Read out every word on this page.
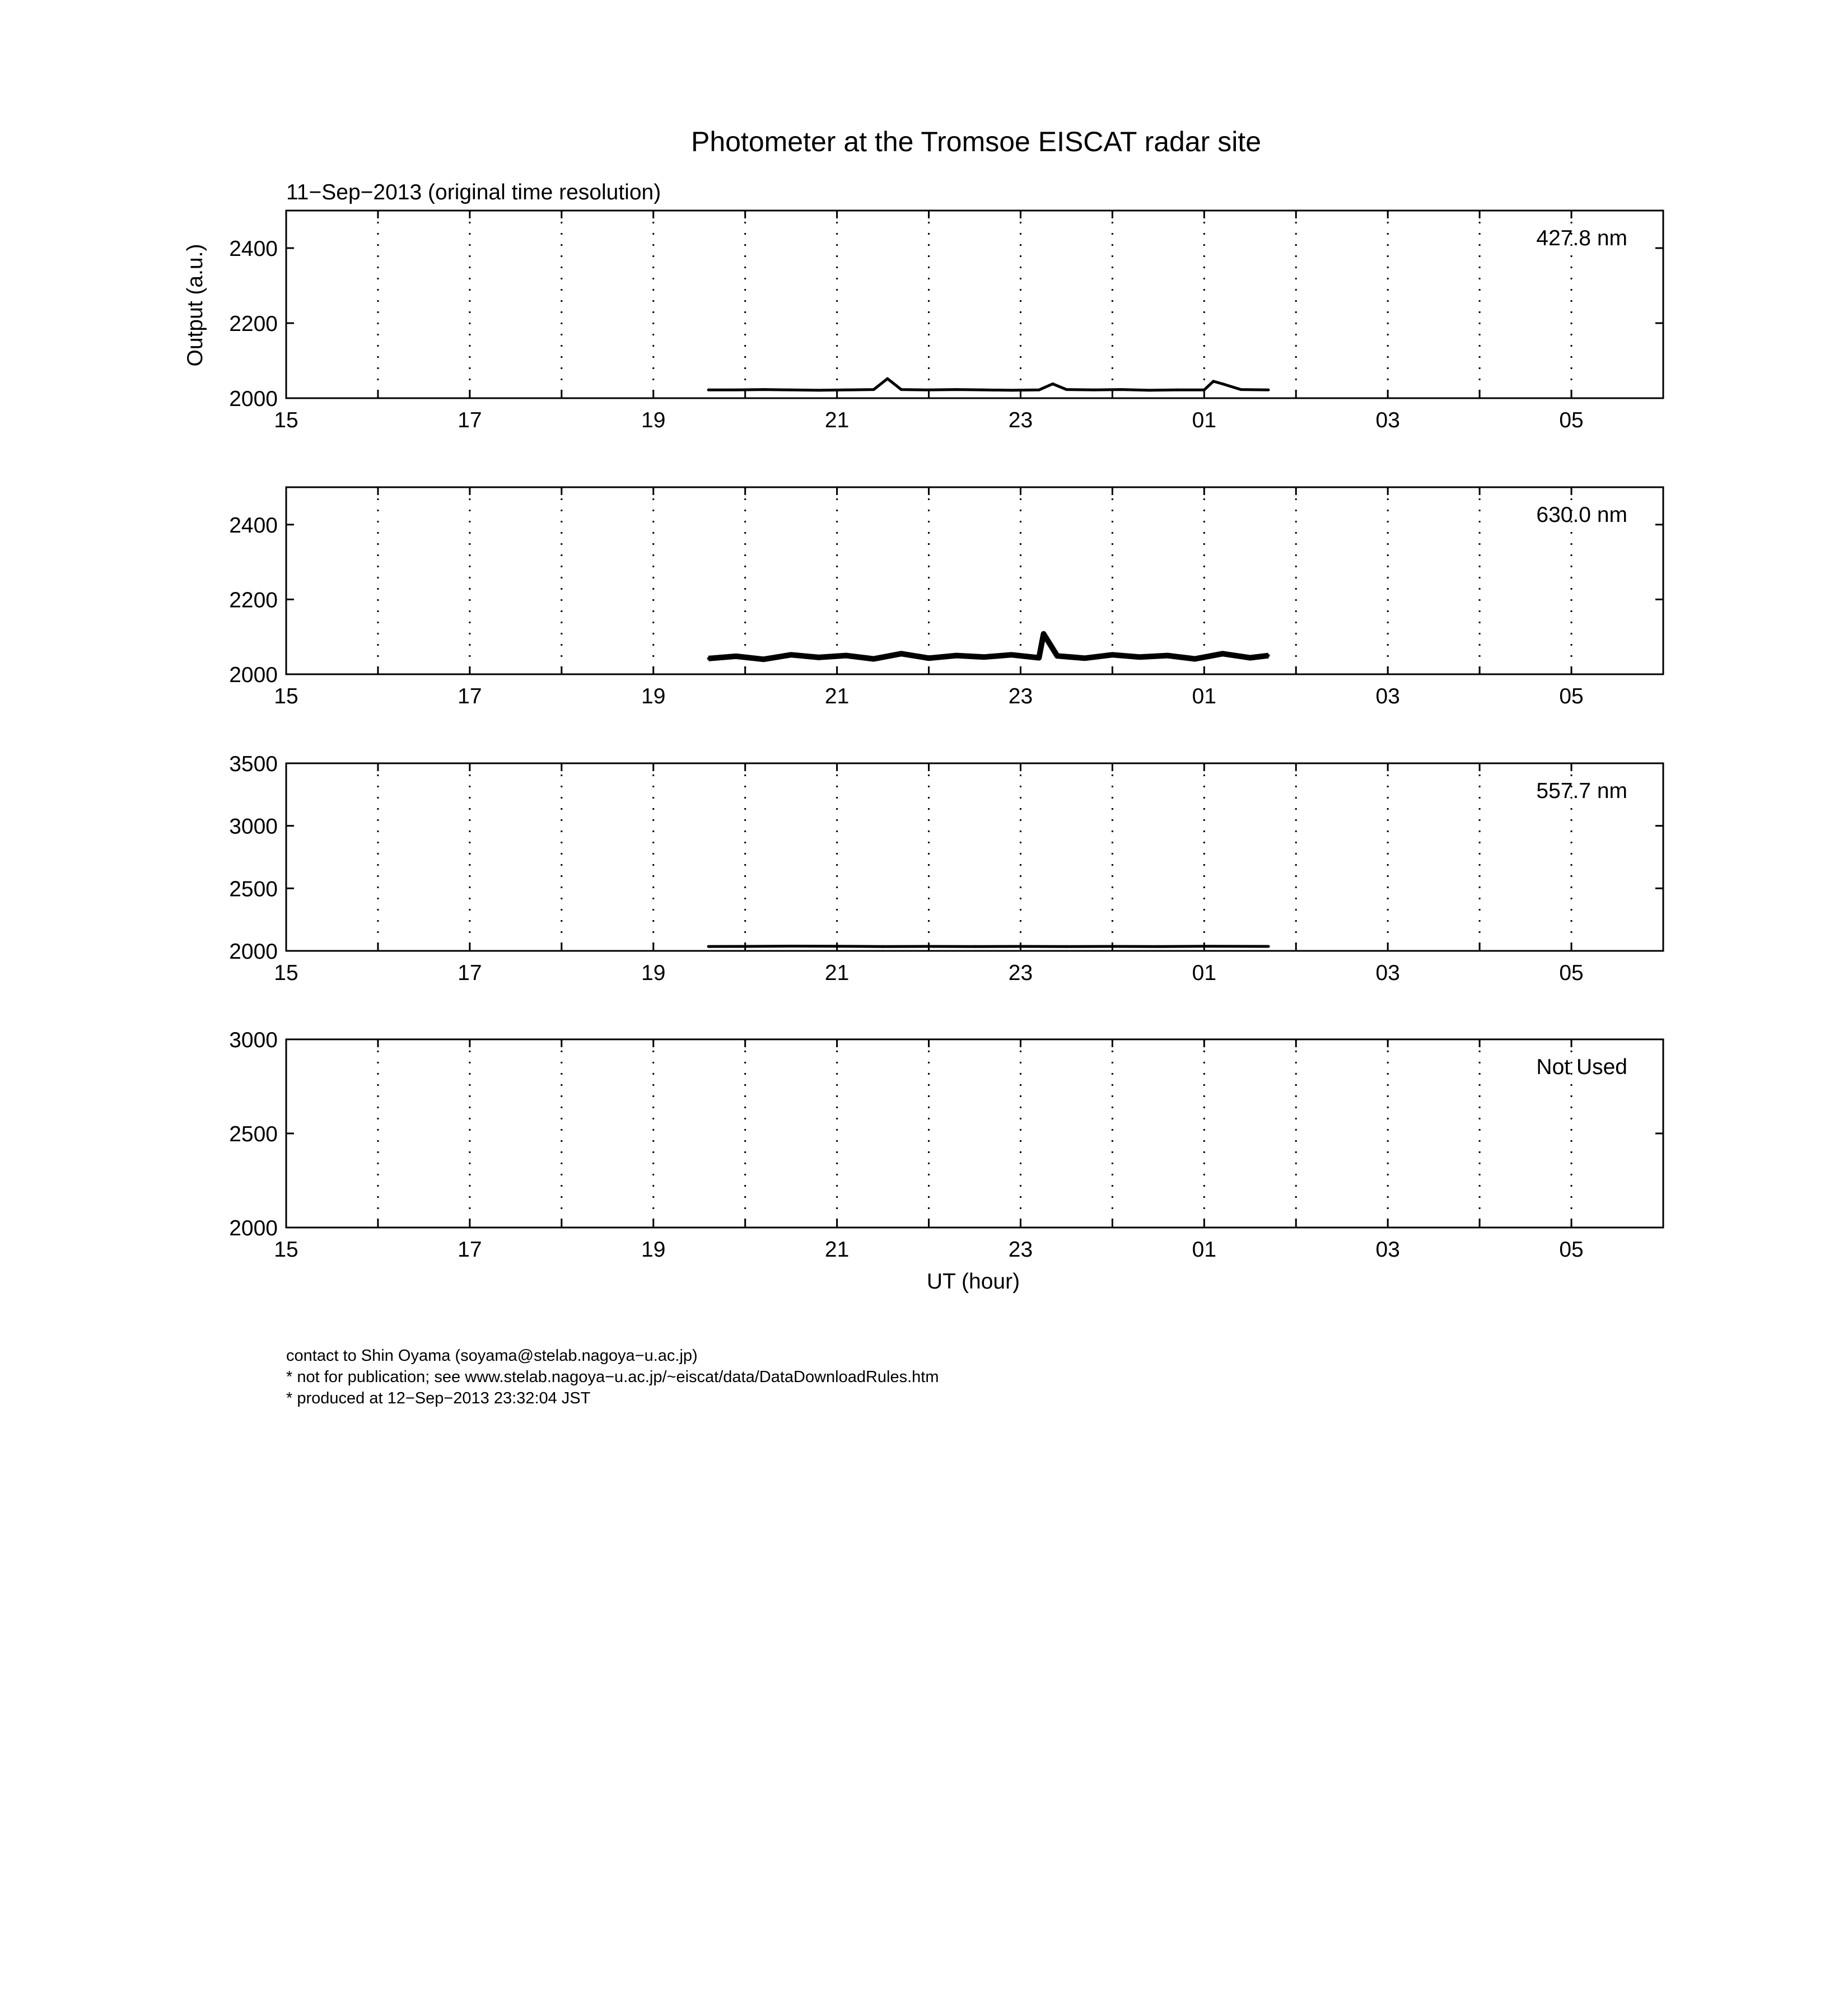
Photometer at the Tromsoe EISCAT radar site
11−Sep−2013 (original time resolution)
Output (a.u.)
UT (hour)
15	17	19	21	23	01	03	05
2000
2200
2400	427.8 nm
15	17	19	21	23	01	03	05
2000
2200
2400	630.0 nm
15	17	19	21	23	01	03	05
2000
2500
3000
3500
557.7 nm
15	17	19	21	23	01	03	05
2000
2500
3000
Not Used
contact to Shin Oyama (soyama@stelab.nagoya−u.ac.jp)
* not for publication; see www.stelab.nagoya−u.ac.jp/~eiscat/data/DataDownloadRules.htm
* produced at 12−Sep−2013 23:32:04 JST
